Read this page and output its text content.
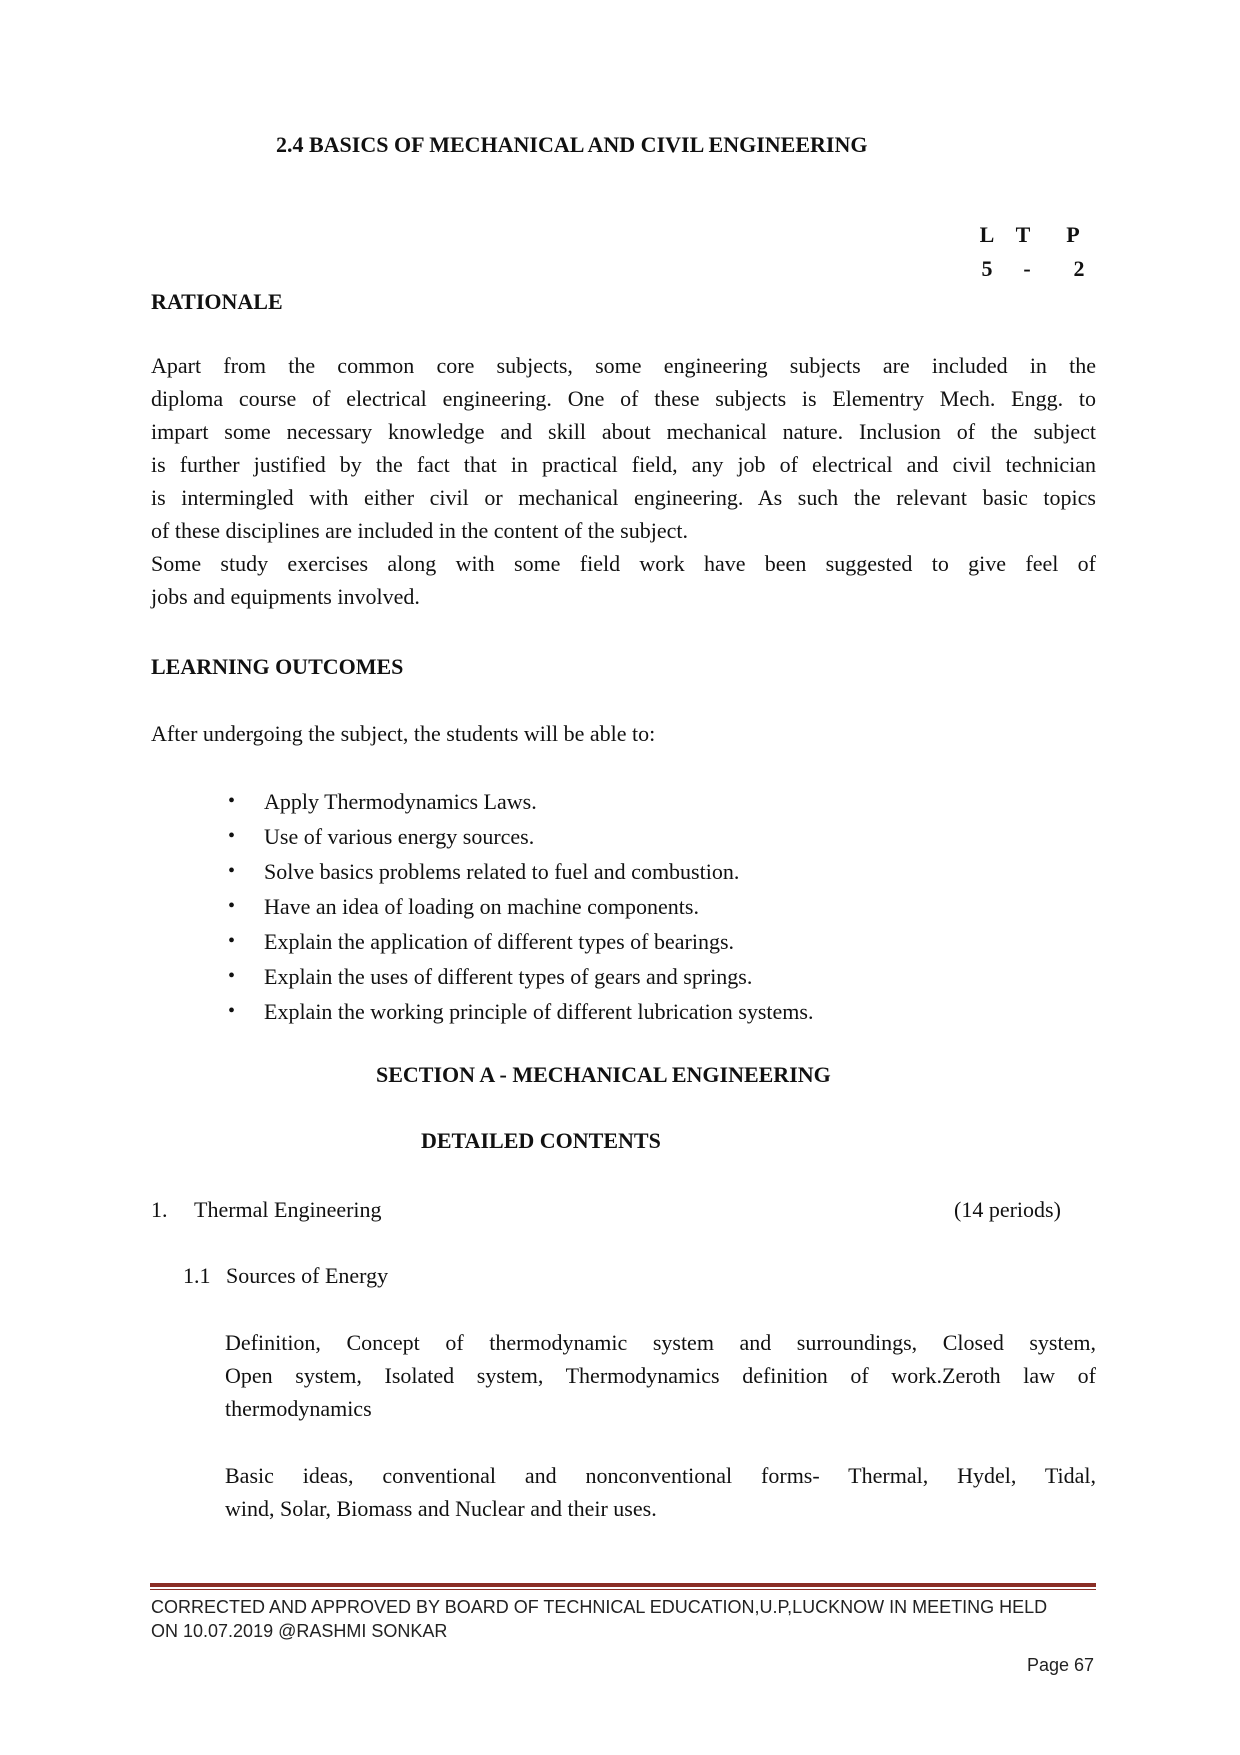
2.4 BASICS OF MECHANICAL AND CIVIL ENGINEERING
L T	P
5	-	2
RATIONALE
Apart from the common core subjects, some engineering subjects are included in the
diploma course of electrical engineering. One of these subjects is Elementry Mech. Engg. to
impart some necessary knowledge and skill about mechanical nature. Inclusion of the subject
is further justified by the fact that in practical field, any job of electrical and civil technician
is intermingled with either civil or mechanical engineering. As such the relevant basic topics
of these disciplines are included in the content of the subject.
Some study exercises along with some field work have been suggested to give feel of
jobs and equipments involved.
LEARNING OUTCOMES
After undergoing the subject, the students will be able to:
• Apply Thermodynamics Laws.
• Use of various energy sources.
• Solve basics problems related to fuel and combustion.
• Have an idea of loading on machine components.
• Explain the application of different types of bearings.
• Explain the uses of different types of gears and springs.
• Explain the working principle of different lubrication systems.
SECTION A - MECHANICAL ENGINEERING
DETAILED CONTENTS
1. Thermal Engineering	(14 periods)
1.1 Sources of Energy
Definition, Concept of thermodynamic system and surroundings, Closed system,
Open system, Isolated system, Thermodynamics definition of work.Zeroth law of
thermodynamics
Basic ideas, conventional and nonconventional forms- Thermal, Hydel, Tidal,
wind, Solar, Biomass and Nuclear and their uses.
CORRECTED AND APPROVED BY BOARD OF TECHNICAL EDUCATION,U.P,LUCKNOW IN MEETING HELD
ON 10.07.2019 @RASHMI SONKAR
Page 67
